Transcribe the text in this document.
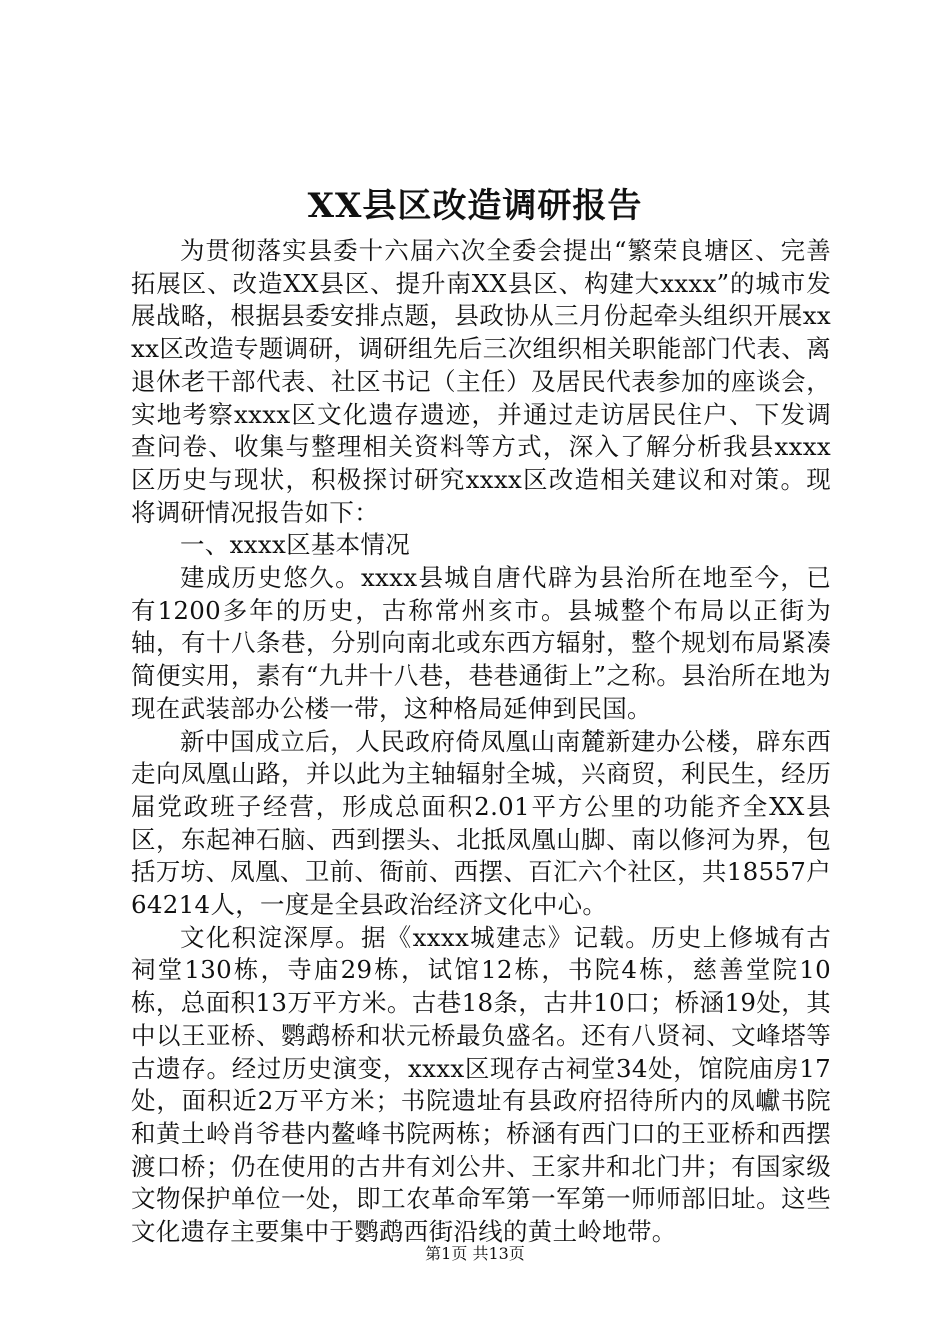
XX县区改造调研报告

为贯彻落实县委十六届六次全委会提出“繁荣良塘区、完善拓展区、改造XX县区、提升南XX县区、构建大xxxx”的城市发展战略，根据县委安排点题，县政协从三月份起牵头组织开展xxxx区改造专题调研，调研组先后三次组织相关职能部门代表、离退休老干部代表、社区书记（主任）及居民代表参加的座谈会，实地考察xxxx区文化遗存遗迹，并通过走访居民住户、下发调查问卷、收集与整理相关资料等方式，深入了解分析我县xxxx区历史与现状，积极探讨研究xxxx区改造相关建议和对策。现将调研情况报告如下：

一、xxxx区基本情况

建成历史悠久。xxxx县城自唐代辟为县治所在地至今，已有1200多年的历史，古称常州亥市。县城整个布局以正街为轴，有十八条巷，分别向南北或东西方辐射，整个规划布局紧凑简便实用，素有“九井十八巷，巷巷通街上”之称。县治所在地为现在武装部办公楼一带，这种格局延伸到民国。

新中国成立后，人民政府倚凤凰山南麓新建办公楼，辟东西走向凤凰山路，并以此为主轴辐射全城，兴商贸，利民生，经历届党政班子经营，形成总面积2.01平方公里的功能齐全XX县区，东起神石脑、西到摆头、北抵凤凰山脚、南以修河为界，包括万坊、凤凰、卫前、衙前、西摆、百汇六个社区，共18557户64214人，一度是全县政治经济文化中心。

文化积淀深厚。据《xxxx城建志》记载。历史上修城有古祠堂130栋，寺庙29栋，试馆12栋，书院4栋，慈善堂院10栋，总面积13万平方米。古巷18条，古井10口；桥涵19处，其中以王亚桥、鹦鹉桥和状元桥最负盛名。还有八贤祠、文峰塔等古遗存。经过历史演变，xxxx区现存古祠堂34处，馆院庙房17处，面积近2万平方米；书院遗址有县政府招待所内的凤巘书院和黄土岭肖爷巷内鳌峰书院两栋；桥涵有西门口的王亚桥和西摆渡口桥；仍在使用的古井有刘公井、王家井和北门井；有国家级文物保护单位一处，即工农革命军第一军第一师师部旧址。这些文化遗存主要集中于鹦鹉西街沿线的黄土岭地带。

第1页 共13页
